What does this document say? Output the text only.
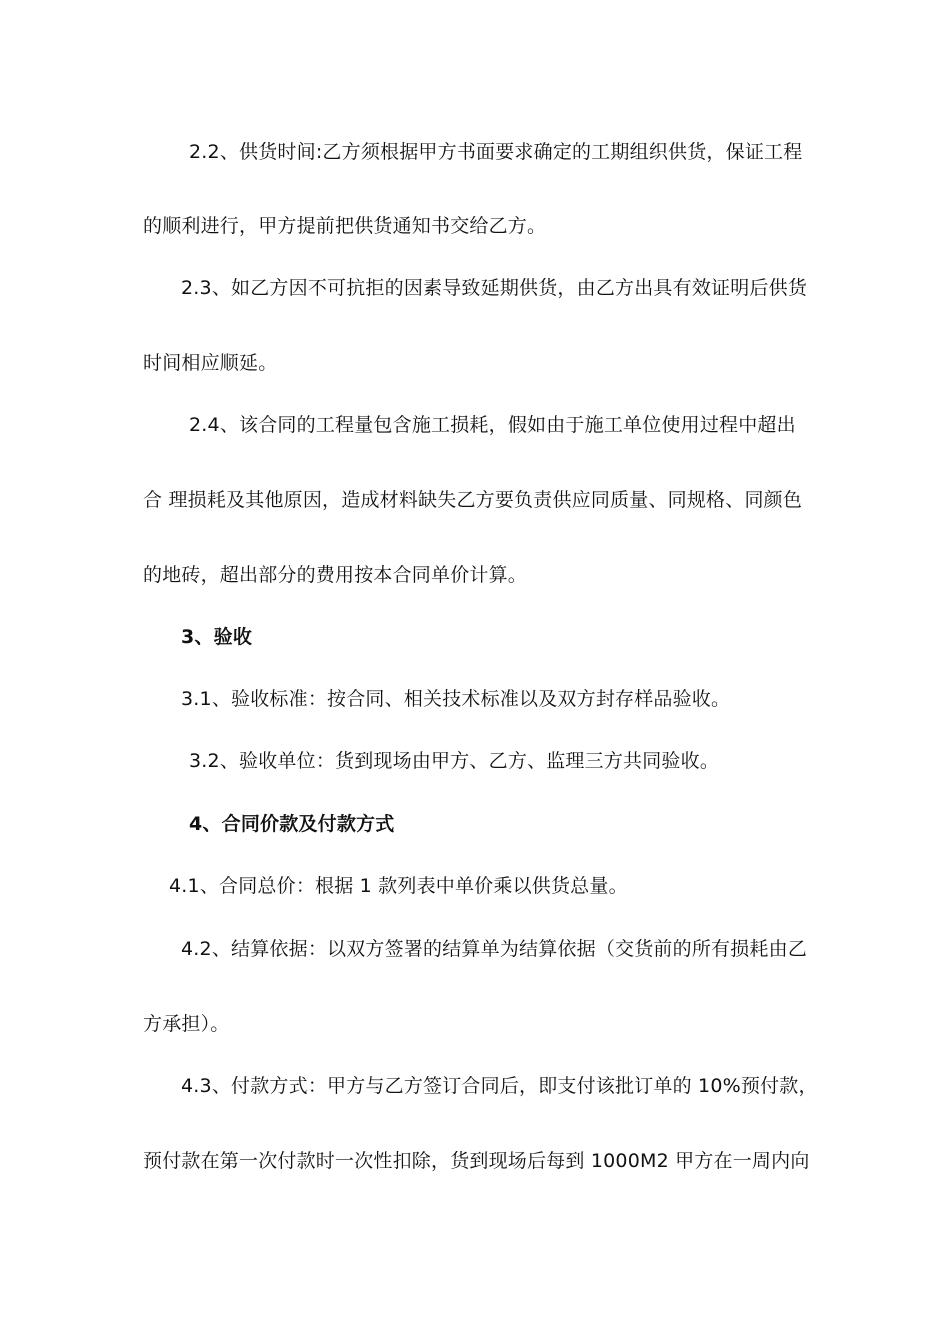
2.2、供货时间:乙方须根据甲方书面要求确定的工期组织供货，保证工程
的顺利进行，甲方提前把供货通知书交给乙方。
2.3、如乙方因不可抗拒的因素导致延期供货，由乙方出具有效证明后供货
时间相应顺延。
2.4、该合同的工程量包含施工损耗，假如由于施工单位使用过程中超出
合 理损耗及其他原因，造成材料缺失乙方要负责供应同质量、同规格、同颜色
的地砖，超出部分的费用按本合同单价计算。
3、验收
3.1、验收标准：按合同、相关技术标准以及双方封存样品验收。
3.2、验收单位：货到现场由甲方、乙方、监理三方共同验收。
4、合同价款及付款方式
4.1、合同总价：根据 1 款列表中单价乘以供货总量。
4.2、结算依据：以双方签署的结算单为结算依据（交货前的所有损耗由乙
方承担）。
4.3、付款方式：甲方与乙方签订合同后，即支付该批订单的 10%预付款，
预付款在第一次付款时一次性扣除，货到现场后每到 1000M2 甲方在一周内向
